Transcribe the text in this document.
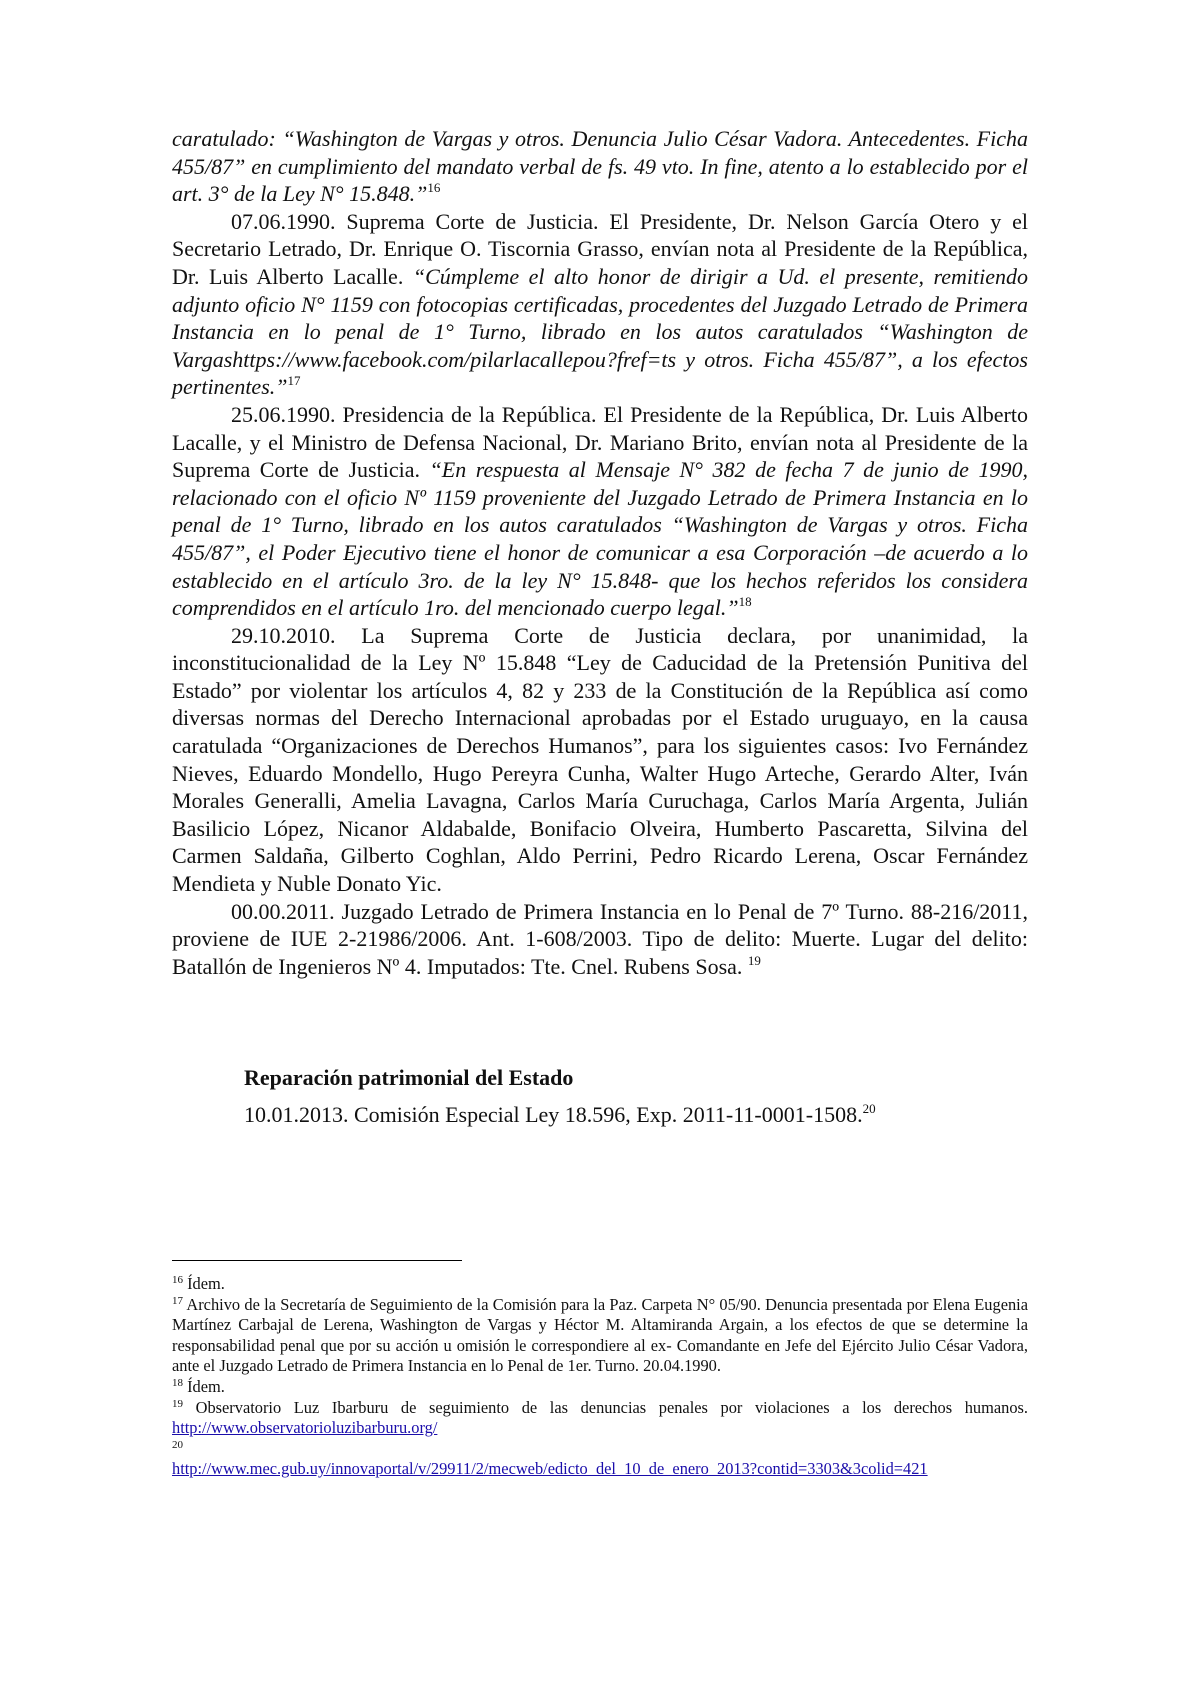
caratulado: “Washington de Vargas y otros. Denuncia Julio César Vadora. Antecedentes. Ficha 455/87” en cumplimiento del mandato verbal de fs. 49 vto. In fine, atento a lo establecido por el art. 3° de la Ley N° 15.848.”$^{16}$

07.06.1990. Suprema Corte de Justicia. El Presidente, Dr. Nelson García Otero y el Secretario Letrado, Dr. Enrique O. Tiscornia Grasso, envían nota al Presidente de la República, Dr. Luis Alberto Lacalle. “Cúmpleme el alto honor de dirigir a Ud. el presente, remitiendo adjunto oficio N° 1159 con fotocopias certificadas, procedentes del Juzgado Letrado de Primera Instancia en lo penal de 1° Turno, librado en los autos caratulados “Washington de Vargashttps://www.facebook.com/pilarlacallepou?fref=ts y otros. Ficha 455/87”, a los efectos pertinentes.”$^{17}$

25.06.1990. Presidencia de la República. El Presidente de la República, Dr. Luis Alberto Lacalle, y el Ministro de Defensa Nacional, Dr. Mariano Brito, envían nota al Presidente de la Suprema Corte de Justicia. “En respuesta al Mensaje N° 382 de fecha 7 de junio de 1990, relacionado con el oficio Nº 1159 proveniente del Juzgado Letrado de Primera Instancia en lo penal de 1° Turno, librado en los autos caratulados “Washington de Vargas y otros. Ficha 455/87”, el Poder Ejecutivo tiene el honor de comunicar a esa Corporación –de acuerdo a lo establecido en el artículo 3ro. de la ley N° 15.848- que los hechos referidos los considera comprendidos en el artículo 1ro. del mencionado cuerpo legal.”$^{18}$

29.10.2010. La Suprema Corte de Justicia declara, por unanimidad, la inconstitucionalidad de la Ley Nº 15.848 “Ley de Caducidad de la Pretensión Punitiva del Estado” por violentar los artículos 4, 82 y 233 de la Constitución de la República así como diversas normas del Derecho Internacional aprobadas por el Estado uruguayo, en la causa caratulada “Organizaciones de Derechos Humanos”, para los siguientes casos: Ivo Fernández Nieves, Eduardo Mondello, Hugo Pereyra Cunha, Walter Hugo Arteche, Gerardo Alter, Iván Morales Generalli, Amelia Lavagna, Carlos María Curuchaga, Carlos María Argenta, Julián Basilicio López, Nicanor Aldabalde, Bonifacio Olveira, Humberto Pascaretta, Silvina del Carmen Saldaña, Gilberto Coghlan, Aldo Perrini, Pedro Ricardo Lerena, Oscar Fernández Mendieta y Nuble Donato Yic.

00.00.2011. Juzgado Letrado de Primera Instancia en lo Penal de 7º Turno. 88-216/2011, proviene de IUE 2-21986/2006. Ant. 1-608/2003. Tipo de delito: Muerte. Lugar del delito: Batallón de Ingenieros Nº 4. Imputados: Tte. Cnel. Rubens Sosa. $^{19}$

Reparación patrimonial del Estado
10.01.2013. Comisión Especial Ley 18.596, Exp. 2011-11-0001-1508.20

$^{16}$ Ídem.

$^{17}$ Archivo de la Secretaría de Seguimiento de la Comisión para la Paz. Carpeta N° 05/90. Denuncia presentada por Elena Eugenia Martínez Carbajal de Lerena, Washington de Vargas y Héctor M. Altamiranda Argain, a los efectos de que se determine la responsabilidad penal que por su acción u omisión le correspondiere al ex- Comandante en Jefe del Ejército Julio César Vadora, ante el Juzgado Letrado de Primera Instancia en lo Penal de 1er. Turno. 20.04.1990.

$^{18}$ Ídem.

$^{19}$ Observatorio Luz Ibarburu de seguimiento de las denuncias penales por violaciones a los derechos humanos. http://www.observatorioluzibarburu.org/

$^{20}$

http://www.mec.gub.uy/innovaportal/v/29911/2/mecweb/edicto_del_10_de_enero_2013?contid=3303&3colid=421
